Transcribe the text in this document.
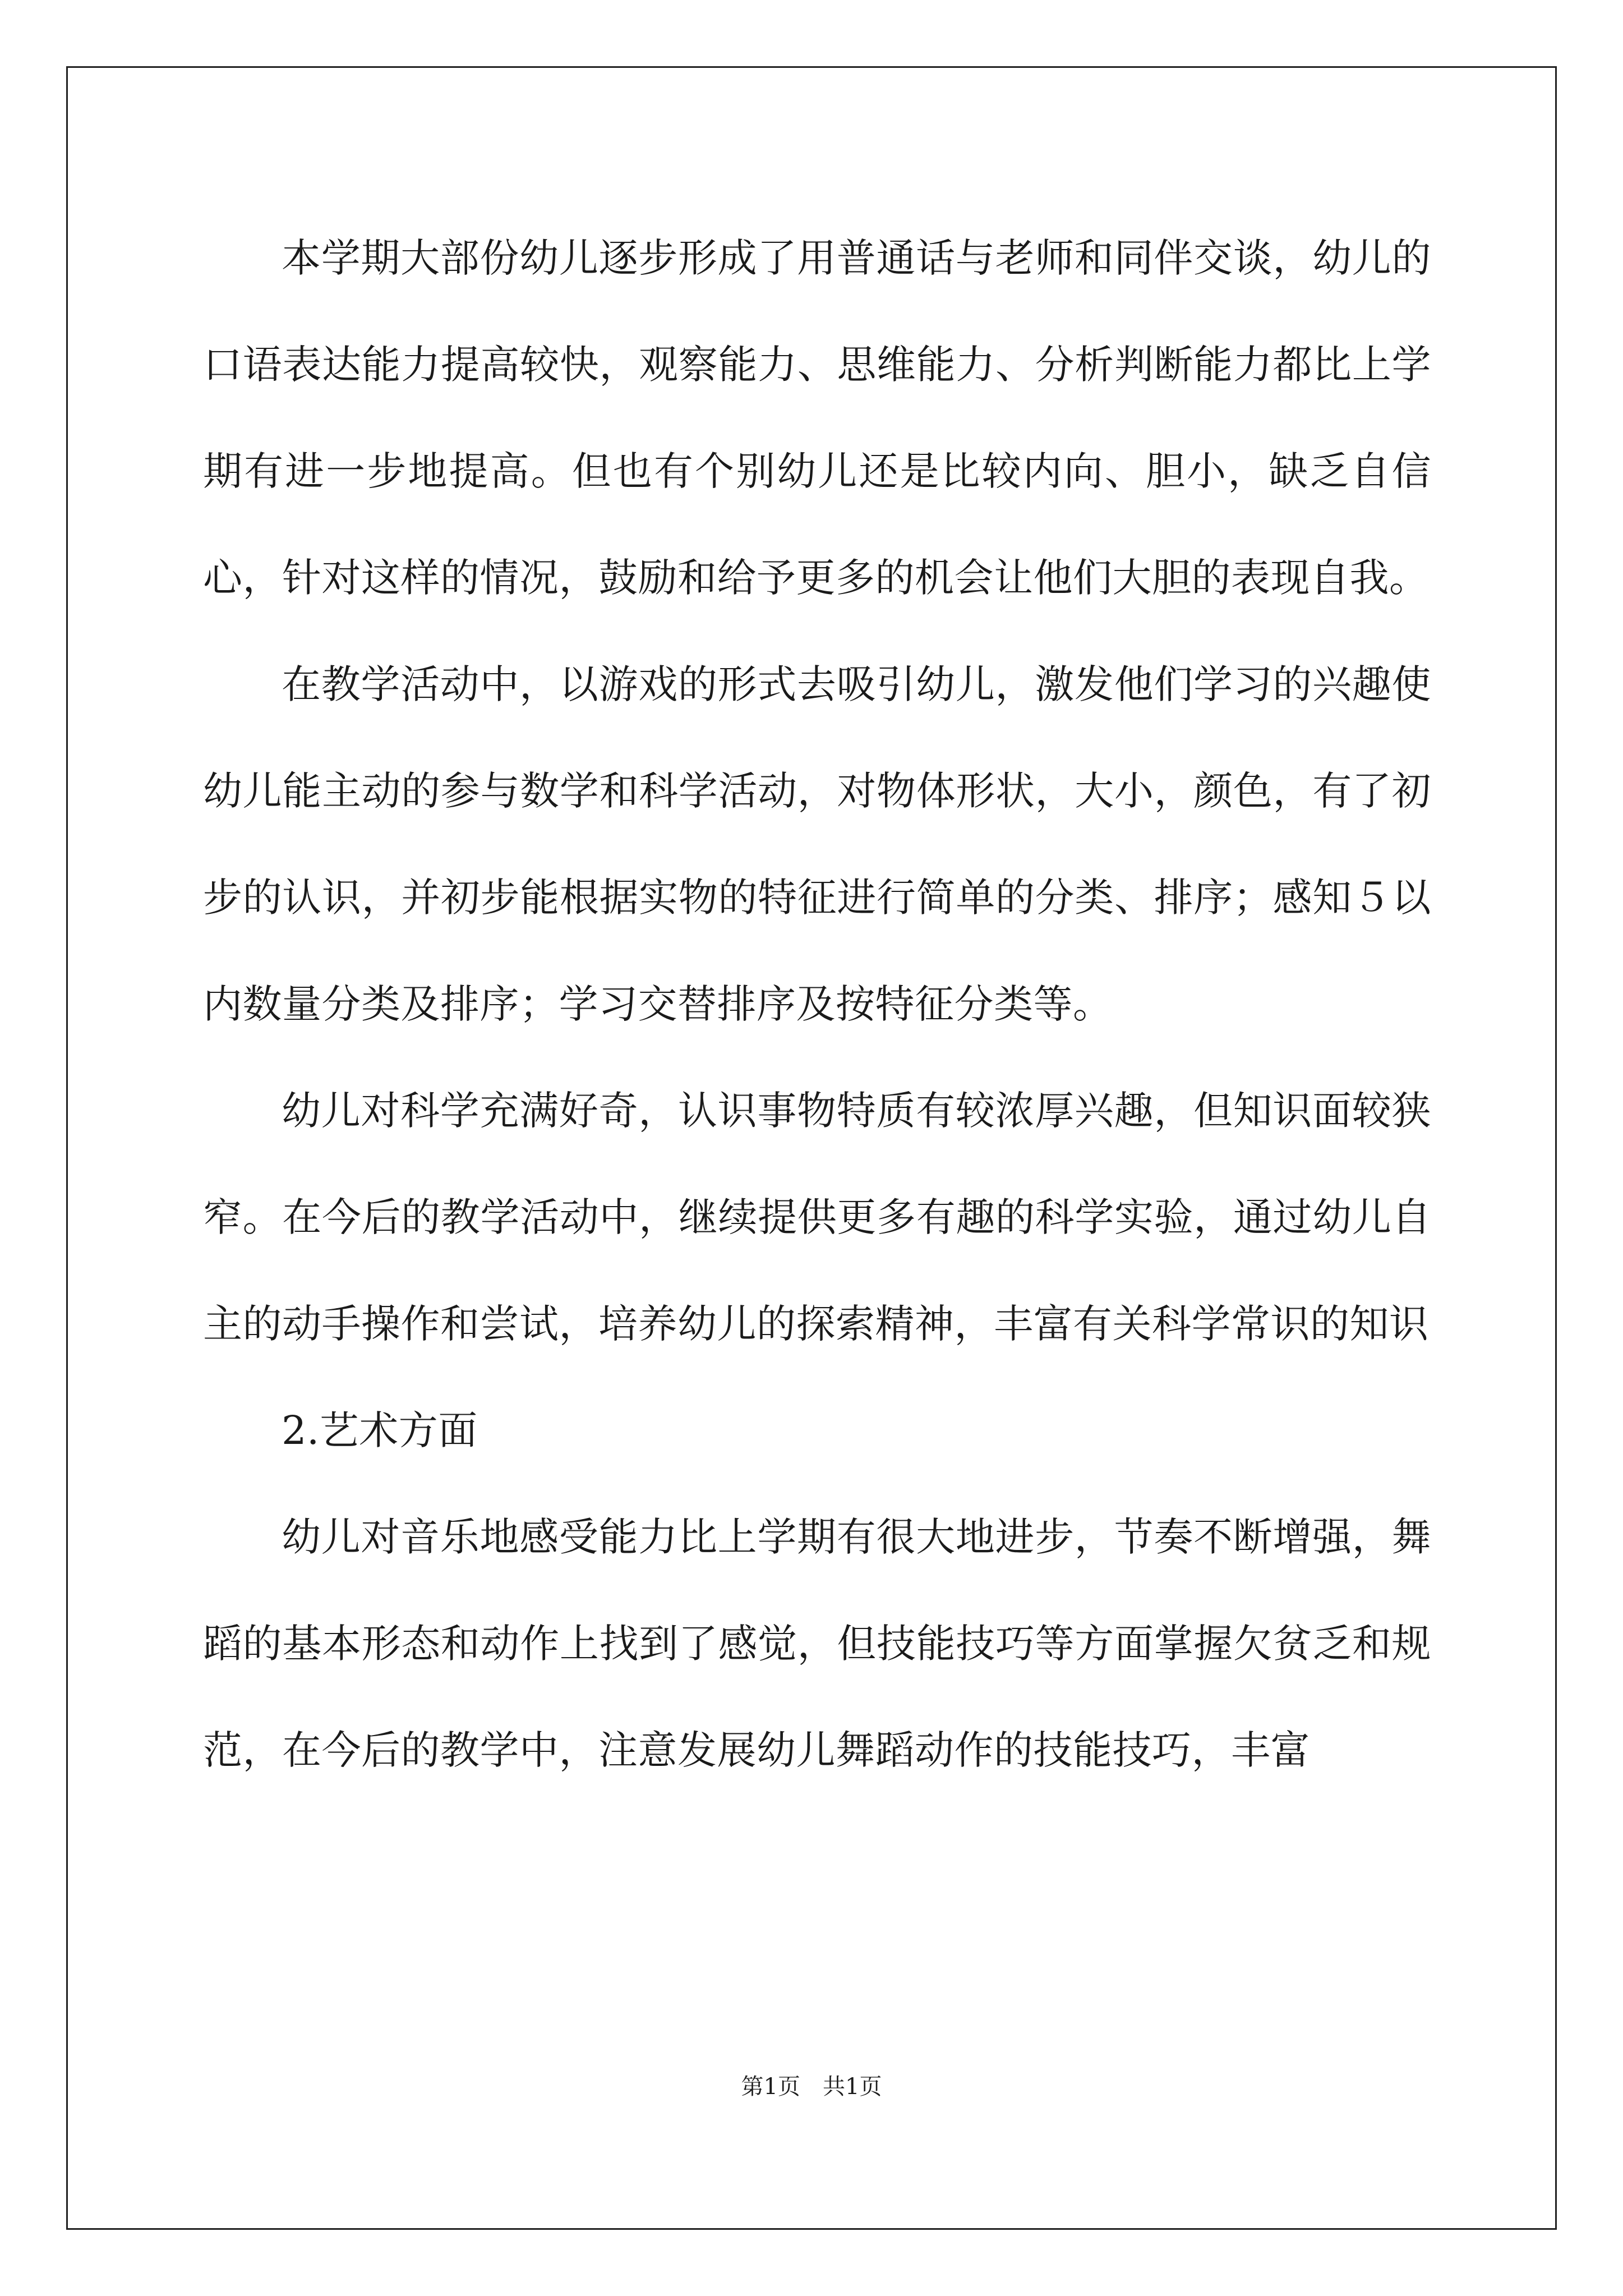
本学期大部份幼儿逐步形成了用普通话与老师和同伴交谈，幼儿的口语表达能力提高较快，观察能力、思维能力、分析判断能力都比上学期有进一步地提高。但也有个别幼儿还是比较内向、胆小，缺乏自信心，针对这样的情况，鼓励和给予更多的机会让他们大胆的表现自我。

在教学活动中，以游戏的形式去吸引幼儿，激发他们学习的兴趣使幼儿能主动的参与数学和科学活动，对物体形状，大小，颜色，有了初步的认识，并初步能根据实物的特征进行简单的分类、排序；感知５以内数量分类及排序；学习交替排序及按特征分类等。

幼儿对科学充满好奇，认识事物特质有较浓厚兴趣，但知识面较狭窄。在今后的教学活动中，继续提供更多有趣的科学实验，通过幼儿自主的动手操作和尝试，培养幼儿的探索精神，丰富有关科学常识的知识

2.艺术方面

幼儿对音乐地感受能力比上学期有很大地进步，节奏不断增强，舞蹈的基本形态和动作上找到了感觉，但技能技巧等方面掌握欠贫乏和规范，在今后的教学中，注意发展幼儿舞蹈动作的技能技巧，丰富

第1页　共1页
